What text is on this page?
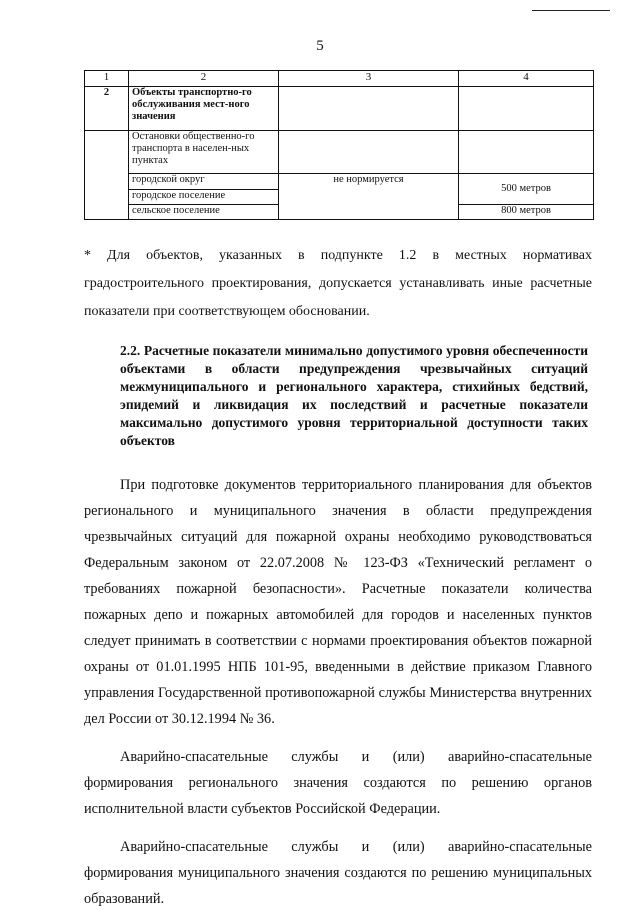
5
1	2	3	4
2	Объекты транспортно-го обслуживания мест-ного значения		
	Остановки общественно-го транспорта в населен-ных пунктах		
	городской округ	не нормируется	500 метров
	городское поселение		
	сельское поселение		800 метров
* Для объектов, указанных в подпункте 1.2 в местных нормативах градостроительного проектирования, допускается устанавливать иные расчетные показатели при соответствующем обосновании.
2.2. Расчетные показатели минимально допустимого уровня обеспеченности объектами в области предупреждения чрезвычайных ситуаций межмуниципального и регионального характера, стихийных бедствий, эпидемий и ликвидация их последствий и расчетные показатели максимально допустимого уровня территориальной доступности таких объектов

При подготовке документов территориального планирования для объектов регионального и муниципального значения в области предупреждения чрезвычайных ситуаций для пожарной охраны необходимо руководствоваться Федеральным законом от 22.07.2008 № 123-ФЗ «Технический регламент о требованиях пожарной безопасности». Расчетные показатели количества пожарных депо и пожарных автомобилей для городов и населенных пунктов следует принимать в соответствии с нормами проектирования объектов пожарной охраны от 01.01.1995 НПБ 101-95, введенными в действие приказом Главного управления Государственной противопожарной службы Министерства внутренних дел России от 30.12.1994 № 36.

Аварийно-спасательные службы и (или) аварийно-спасательные формирования регионального значения создаются по решению органов исполнительной власти субъектов Российской Федерации.

Аварийно-спасательные службы и (или) аварийно-спасательные формирования муниципального значения создаются по решению муниципальных образований.
